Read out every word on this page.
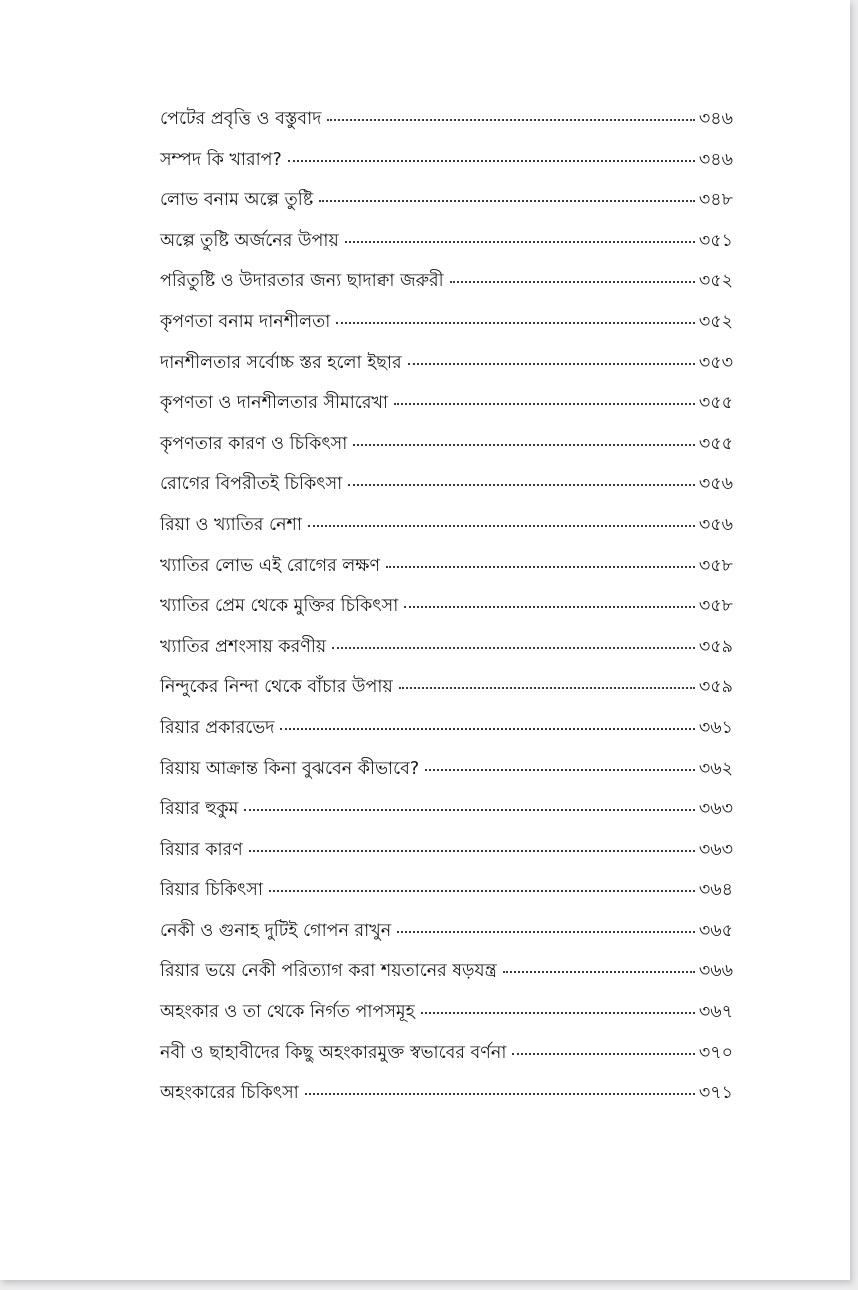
পেটের প্রবৃত্তি ও বস্তুবাদ	৩৪৬
সম্পদ কি খারাপ?	৩৪৬
লোভ বনাম অল্পে তুষ্টি	৩৪৮
অল্পে তুষ্টি অর্জনের উপায়	৩৫১
পরিতুষ্টি ও উদারতার জন্য ছাদাক্বা জরুরী	৩৫২
কৃপণতা বনাম দানশীলতা	৩৫২
দানশীলতার সর্বোচ্চ স্তর হলো ইছার	৩৫৩
কৃপণতা ও দানশীলতার সীমারেখা	৩৫৫
কৃপণতার কারণ ও চিকিৎসা	৩৫৫
রোগের বিপরীতই চিকিৎসা	৩৫৬
রিয়া ও খ্যাতির নেশা	৩৫৬
খ্যাতির লোভ এই রোগের লক্ষণ	৩৫৮
খ্যাতির প্রেম থেকে মুক্তির চিকিৎসা	৩৫৮
খ্যাতির প্রশংসায় করণীয়	৩৫৯
নিন্দুকের নিন্দা থেকে বাঁচার উপায়	৩৫৯
রিয়ার প্রকারভেদ	৩৬১
রিয়ায় আক্রান্ত কিনা বুঝবেন কীভাবে?	৩৬২
রিয়ার হুকুম	৩৬৩
রিয়ার কারণ	৩৬৩
রিয়ার চিকিৎসা	৩৬৪
নেকী ও গুনাহ দুটিই গোপন রাখুন	৩৬৫
রিয়ার ভয়ে নেকী পরিত্যাগ করা শয়তানের ষড়যন্ত্র	৩৬৬
অহংকার ও তা থেকে নির্গত পাপসমূহ	৩৬৭
নবী ও ছাহাবীদের কিছু অহংকারমুক্ত স্বভাবের বর্ণনা	৩৭০
অহংকারের চিকিৎসা	৩৭১
